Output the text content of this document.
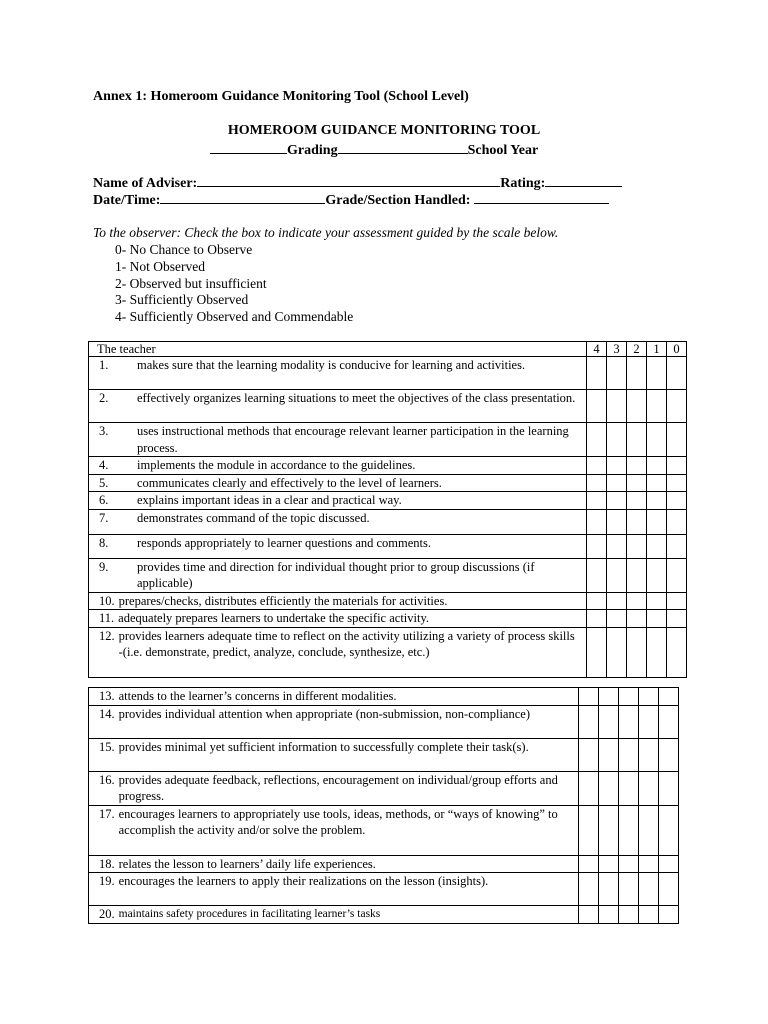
Annex 1: Homeroom Guidance Monitoring Tool (School Level)
HOMEROOM GUIDANCE MONITORING TOOL
Grading	School Year
Name of Adviser:	Rating:
Date/Time:	Grade/Section Handled:
To the observer: Check the box to indicate your assessment guided by the scale below.
0- No Chance to Observe
1- Not Observed
2- Observed but insufficient
3- Sufficiently Observed
4- Sufficiently Observed and Commendable
The teacher	4	3	2	1	0

1. makes sure that the learning modality is conducive for learning and activities.					

2. effectively organizes learning situations to meet the objectives of the class presentation.					

3. uses instructional methods that encourage relevant learner participation in the learning process.					

4. implements the module in accordance to the guidelines.					

5. communicates clearly and effectively to the level of learners.					

6. explains important ideas in a clear and practical way.					

7. demonstrates command of the topic discussed.					

8. responds appropriately to learner questions and comments.					

9. provides time and direction for individual thought prior to group discussions (if applicable)					

10. prepares/checks, distributes efficiently the materials for activities.					

11. adequately prepares learners to undertake the specific activity.					

12. provides learners adequate time to reflect on the activity utilizing a variety of process skills -(i.e. demonstrate, predict, analyze, conclude, synthesize, etc.)					

13. attends to the learner’s concerns in different modalities.					

14. provides individual attention when appropriate (non-submission, non-compliance)					

15. provides minimal yet sufficient information to successfully complete their task(s).					

16. provides adequate feedback, reflections, encouragement on individual/group efforts and progress.					

17. encourages learners to appropriately use tools, ideas, methods, or “ways of knowing” to accomplish the activity and/or solve the problem.					

18. relates the lesson to learners’ daily life experiences.					

19. encourages the learners to apply their realizations on the lesson (insights).					

20. maintains safety procedures in facilitating learner’s tasks					
